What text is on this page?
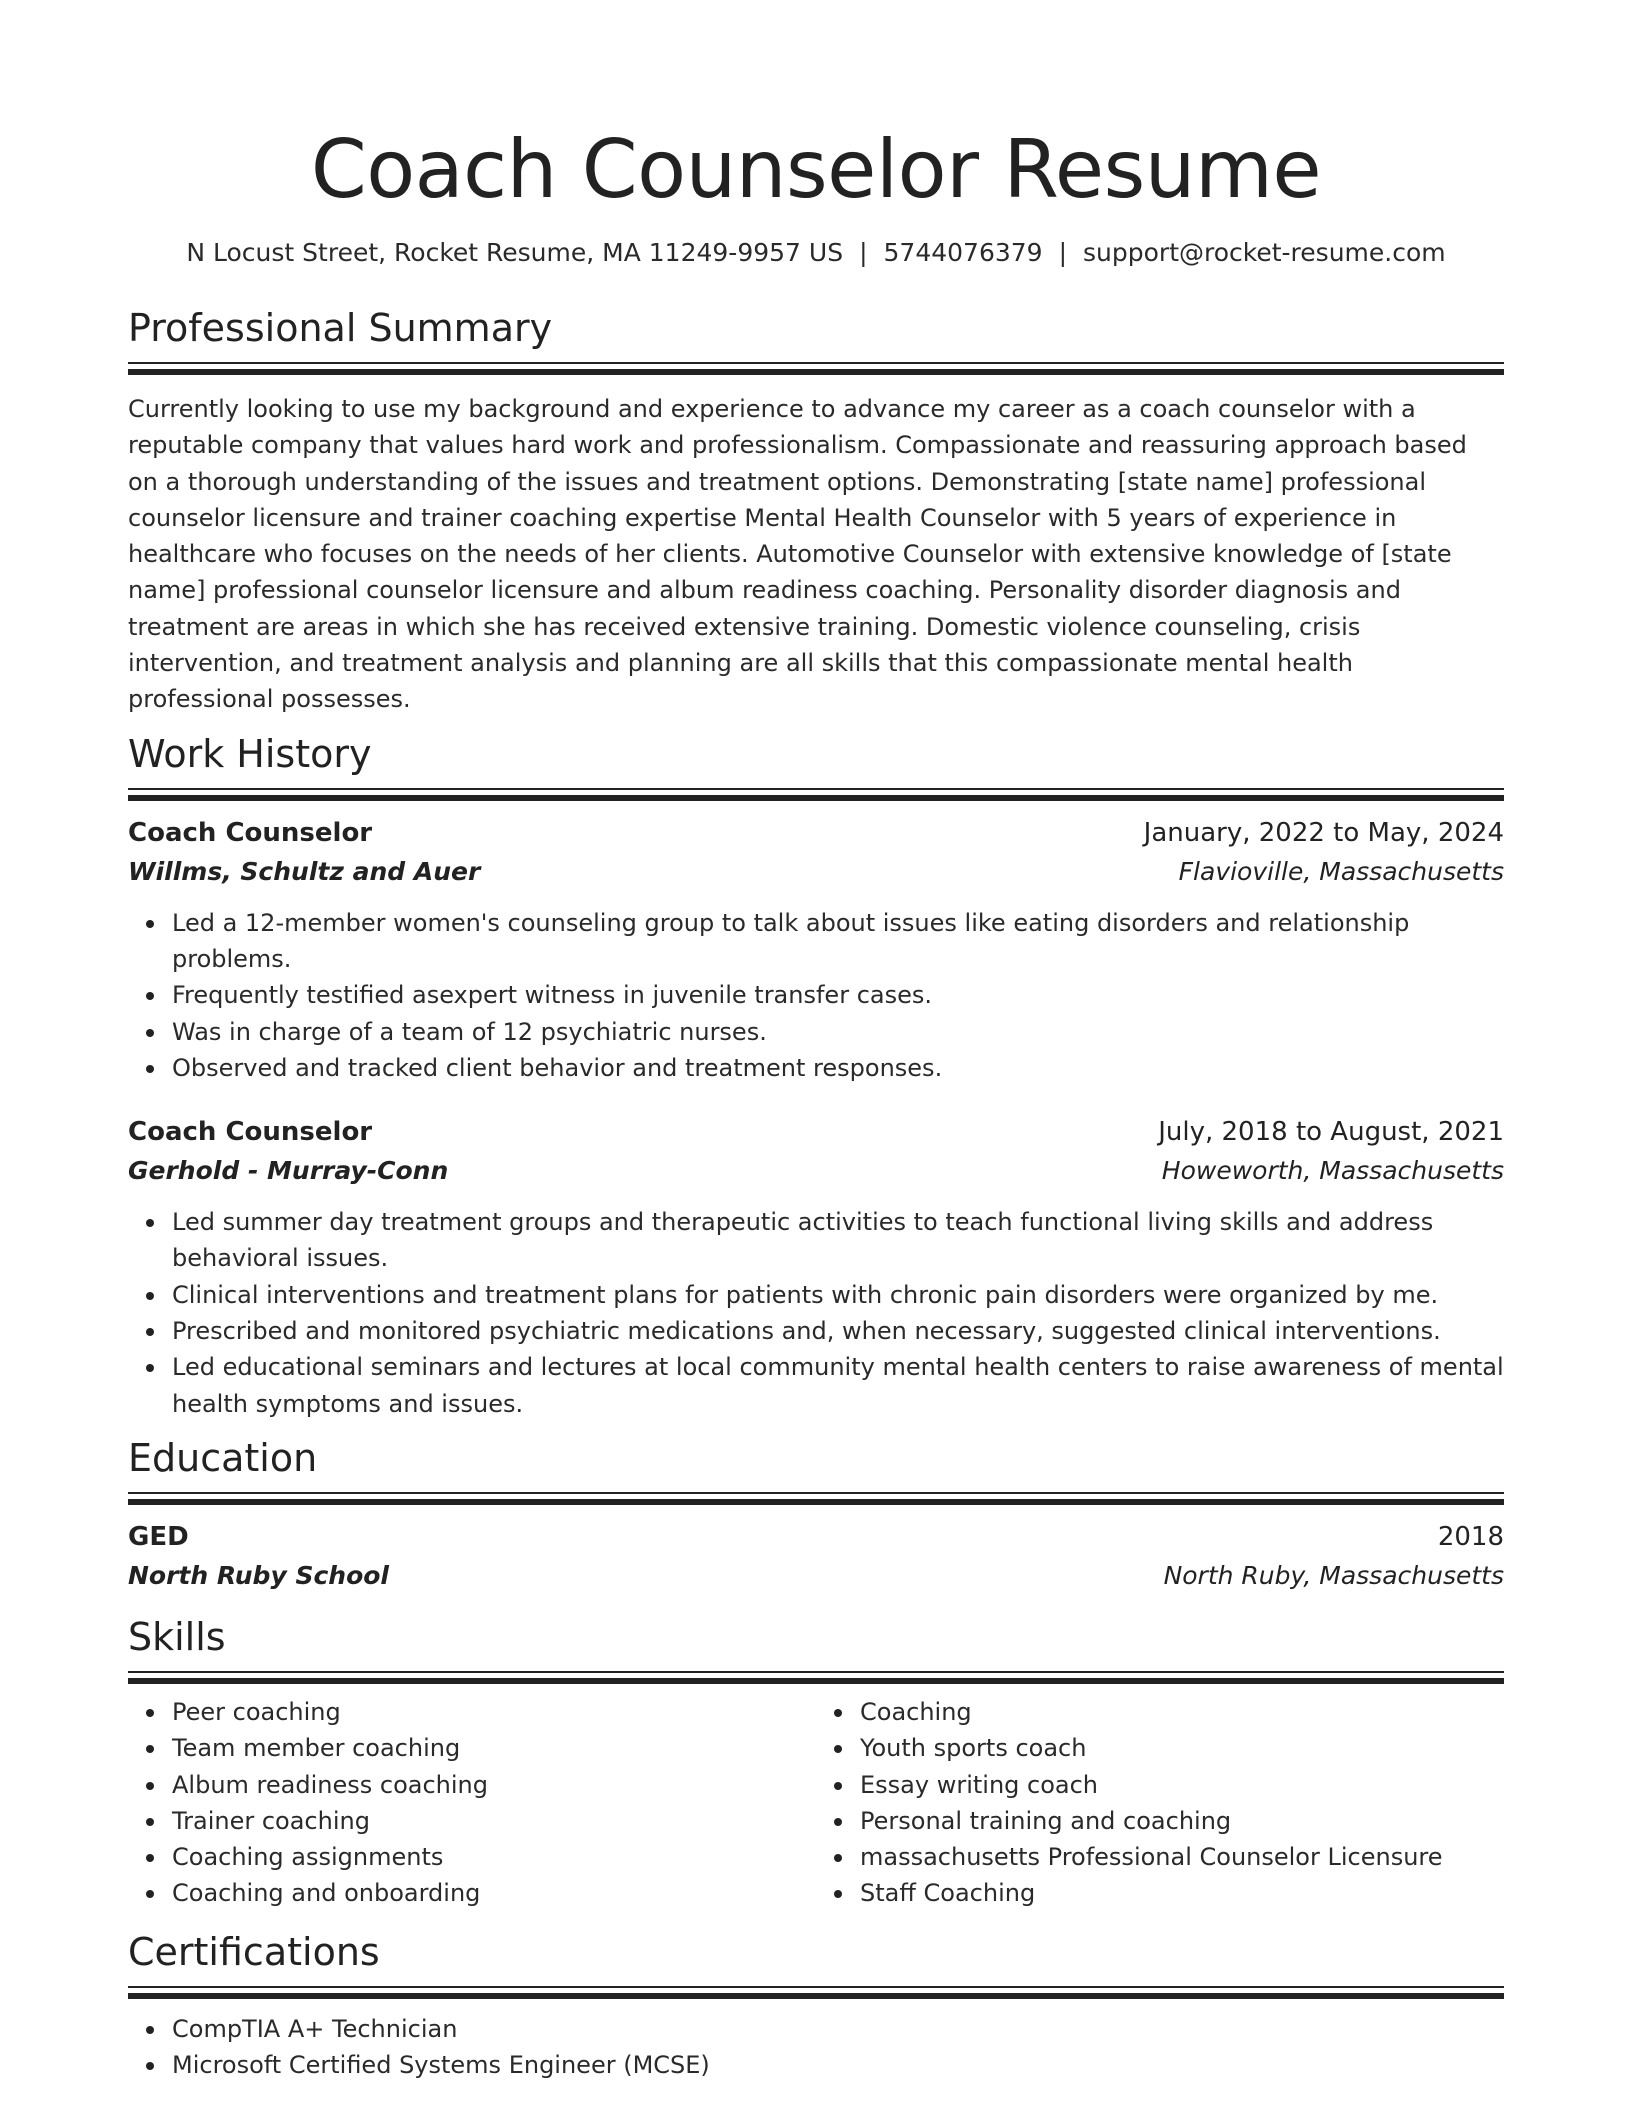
Coach Counselor Resume
N Locust Street, Rocket Resume, MA 11249-9957 US | 5744076379 | support@rocket-resume.com
Professional Summary
Currently looking to use my background and experience to advance my career as a coach counselor with a reputable company that values hard work and professionalism. Compassionate and reassuring approach based on a thorough understanding of the issues and treatment options. Demonstrating [state name] professional counselor licensure and trainer coaching expertise Mental Health Counselor with 5 years of experience in healthcare who focuses on the needs of her clients. Automotive Counselor with extensive knowledge of [state name] professional counselor licensure and album readiness coaching. Personality disorder diagnosis and treatment are areas in which she has received extensive training. Domestic violence counseling, crisis intervention, and treatment analysis and planning are all skills that this compassionate mental health professional possesses.
Work History
Coach Counselor	January, 2022 to May, 2024
Willms, Schultz and Auer	Flavioville, Massachusetts
Led a 12-member women's counseling group to talk about issues like eating disorders and relationship problems.
Frequently testified asexpert witness in juvenile transfer cases.
Was in charge of a team of 12 psychiatric nurses.
Observed and tracked client behavior and treatment responses.
Coach Counselor	July, 2018 to August, 2021
Gerhold - Murray-Conn	Howeworth, Massachusetts
Led summer day treatment groups and therapeutic activities to teach functional living skills and address behavioral issues.
Clinical interventions and treatment plans for patients with chronic pain disorders were organized by me.
Prescribed and monitored psychiatric medications and, when necessary, suggested clinical interventions.
Led educational seminars and lectures at local community mental health centers to raise awareness of mental health symptoms and issues.
Education
GED	2018
North Ruby School	North Ruby, Massachusetts
Skills
Peer coaching
Team member coaching
Album readiness coaching
Trainer coaching
Coaching assignments
Coaching and onboarding
Coaching
Youth sports coach
Essay writing coach
Personal training and coaching
massachusetts Professional Counselor Licensure
Staff Coaching
Certifications
CompTIA A+ Technician
Microsoft Certified Systems Engineer (MCSE)
